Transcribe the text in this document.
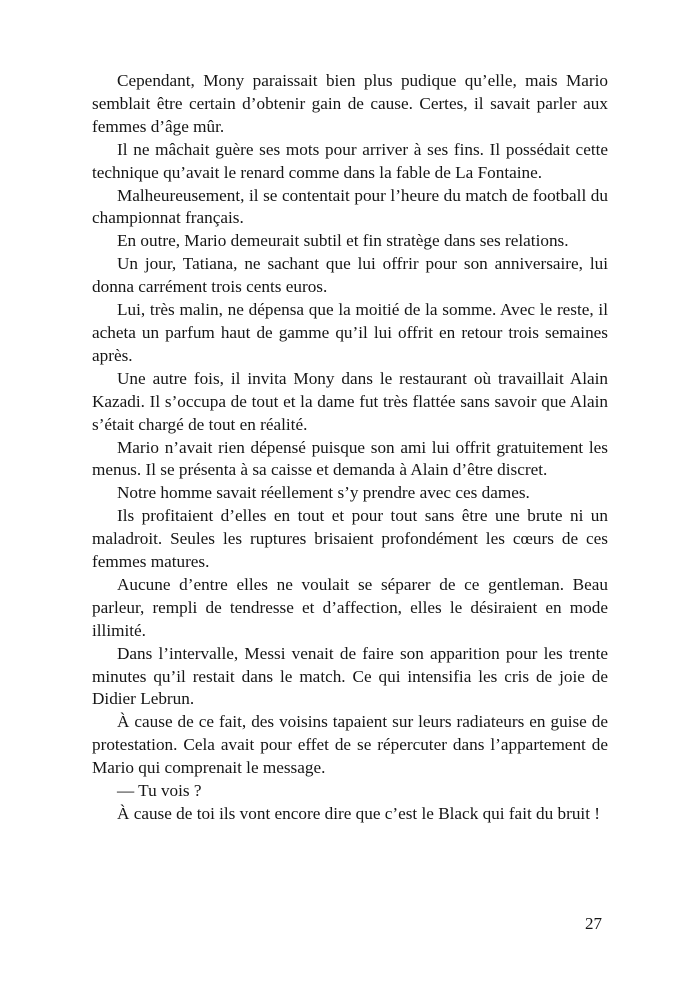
Cependant, Mony paraissait bien plus pudique qu’elle, mais Mario semblait être certain d’obtenir gain de cause. Certes, il savait parler aux femmes d’âge mûr.

Il ne mâchait guère ses mots pour arriver à ses fins. Il possédait cette technique qu’avait le renard comme dans la fable de La Fontaine.

Malheureusement, il se contentait pour l’heure du match de football du championnat français.

En outre, Mario demeurait subtil et fin stratège dans ses relations.

Un jour, Tatiana, ne sachant que lui offrir pour son anniversaire, lui donna carrément trois cents euros.

Lui, très malin, ne dépensa que la moitié de la somme. Avec le reste, il acheta un parfum haut de gamme qu’il lui offrit en retour trois semaines après.

Une autre fois, il invita Mony dans le restaurant où travaillait Alain Kazadi. Il s’occupa de tout et la dame fut très flattée sans savoir que Alain s’était chargé de tout en réalité.

Mario n’avait rien dépensé puisque son ami lui offrit gratuitement les menus. Il se présenta à sa caisse et demanda à Alain d’être discret.

Notre homme savait réellement s’y prendre avec ces dames.

Ils profitaient d’elles en tout et pour tout sans être une brute ni un maladroit. Seules les ruptures brisaient profondément les cœurs de ces femmes matures.

Aucune d’entre elles ne voulait se séparer de ce gentleman. Beau parleur, rempli de tendresse et d’affection, elles le désiraient en mode illimité.

Dans l’intervalle, Messi venait de faire son apparition pour les trente minutes qu’il restait dans le match. Ce qui intensifia les cris de joie de Didier Lebrun.

À cause de ce fait, des voisins tapaient sur leurs radiateurs en guise de protestation. Cela avait pour effet de se répercuter dans l’appartement de Mario qui comprenait le message.

— Tu vois ?

À cause de toi ils vont encore dire que c’est le Black qui fait du bruit !

27
